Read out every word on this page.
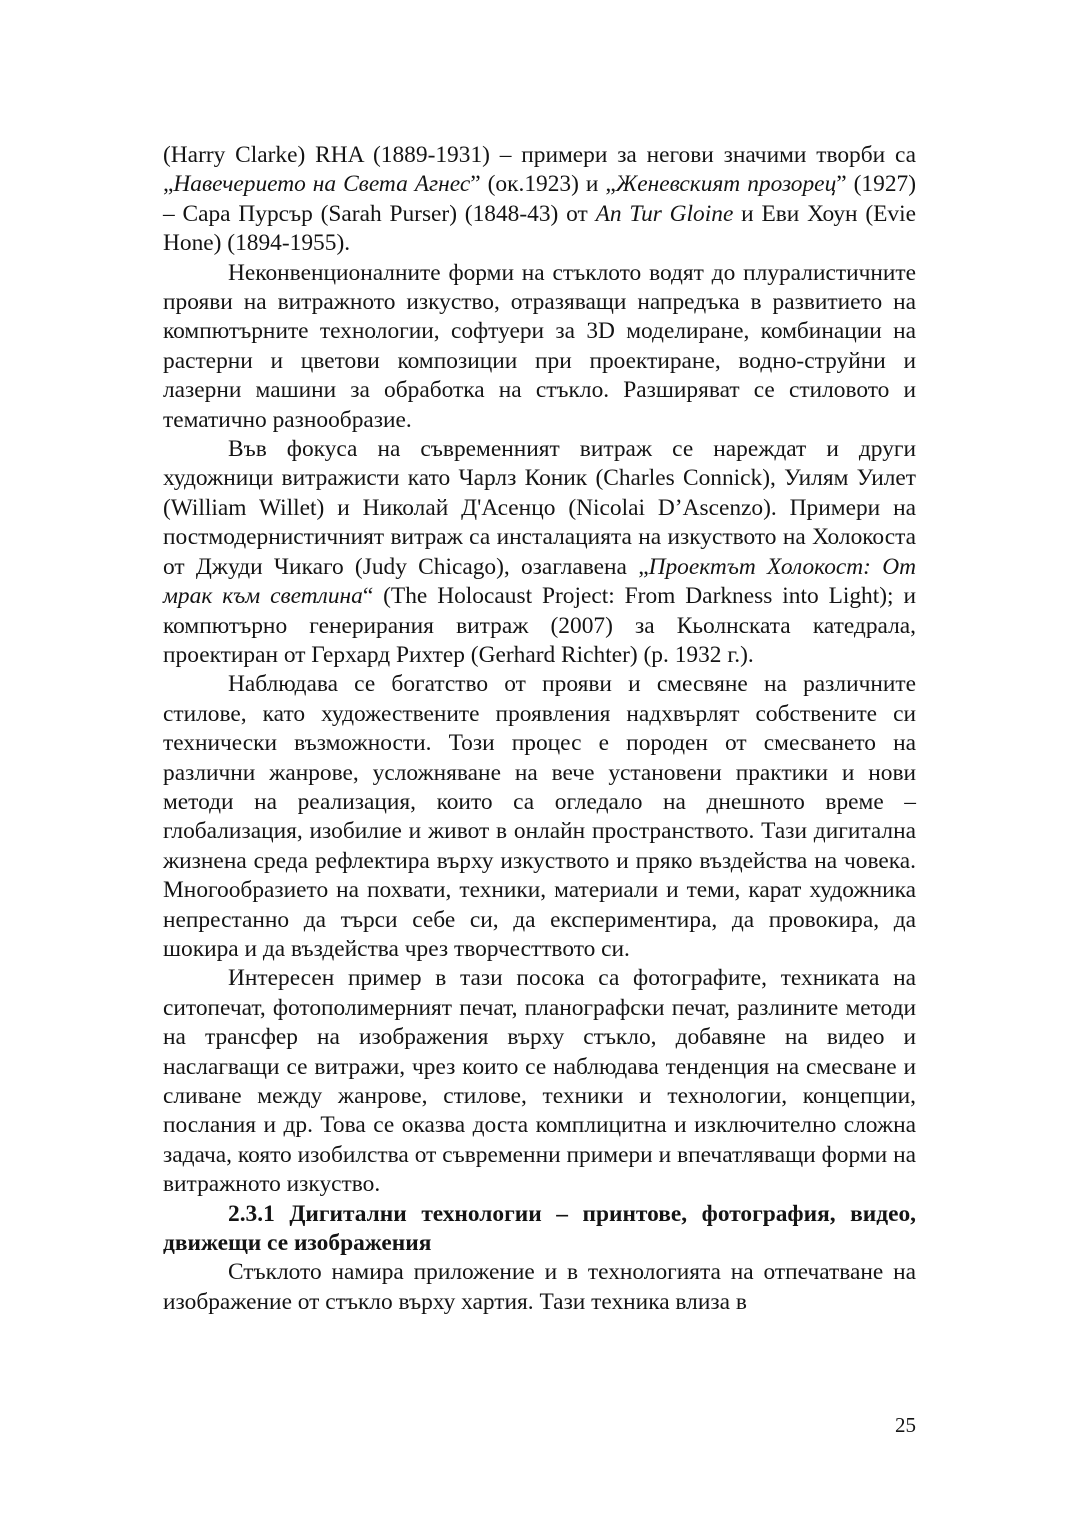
(Harry Clarke) RHA (1889-1931) – примери за негови значими творби са „Навечерието на Света Агнес” (ок.1923) и „Женевският прозорец” (1927) – Сара Пурсър (Sarah Purser) (1848-43) от An Tur Gloine и Еви Хоун (Evie Hone) (1894-1955).

Неконвенционалните форми на стъклото водят до плуралистичните прояви на витражното изкуство, отразяващи напредъка в развитието на компютърните технологии, софтуери за 3D моделиране, комбинации на растерни и цветови композиции при проектиране, водно-струйни и лазерни машини за обработка на стъкло. Разширяват се стиловото и тематично разнообразие.

Във фокуса на съвременният витраж се нареждат и други художници витражисти като Чарлз Коник (Charles Connick), Уилям Уилет (William Willet) и Николай Д'Асенцо (Nicolai D’Ascenzo). Примери на постмодернистичният витраж са инсталацията на изкуството на Холокоста от Джуди Чикаго (Judy Chicago), озаглавена „Проектът Холокост: От мрак към светлина“ (The Holocaust Project: From Darkness into Light); и компютърно генерирания витраж (2007) за Кьолнската катедрала, проектиран от Герхард Рихтер (Gerhard Richter) (р. 1932 г.).

Наблюдава се богатство от прояви и смесвяне на различните стилове, като художествените проявления надхвърлят собствените си технически възможности. Този процес е породен от смесването на различни жанрове, усложняване на вече установени практики и нови методи на реализация, които са огледало на днешното време – глобализация, изобилие и живот в онлайн пространството. Тази дигитална жизнена среда рефлектира върху изкуството и пряко въздейства на човека. Многообразието на похвати, техники, материали и теми, карат художника непрестанно да търси себе си, да експериментира, да провокира, да шокира и да въздейства чрез творчесттвото си.

Интересен пример в тази посока са фотографите, техниката на ситопечат, фотополимерният печат, планографски печат, разлините методи на трансфер на изображения върху стъкло, добавяне на видео и наслагващи се витражи, чрез които се наблюдава тенденция на смесване и сливане между жанрове, стилове, техники и технологии, концепции, послания и др. Това се оказва доста комплицитна и изключително сложна задача, която изобилства от съвременни примери и впечатляващи форми на витражното изкуство.

2.3.1 Дигитални технологии – принтове, фотография, видео, движещи се изображения

Стъклото намира приложение и в технологията на отпечатване на изображение от стъкло върху хартия. Тази техника влиза в

25
